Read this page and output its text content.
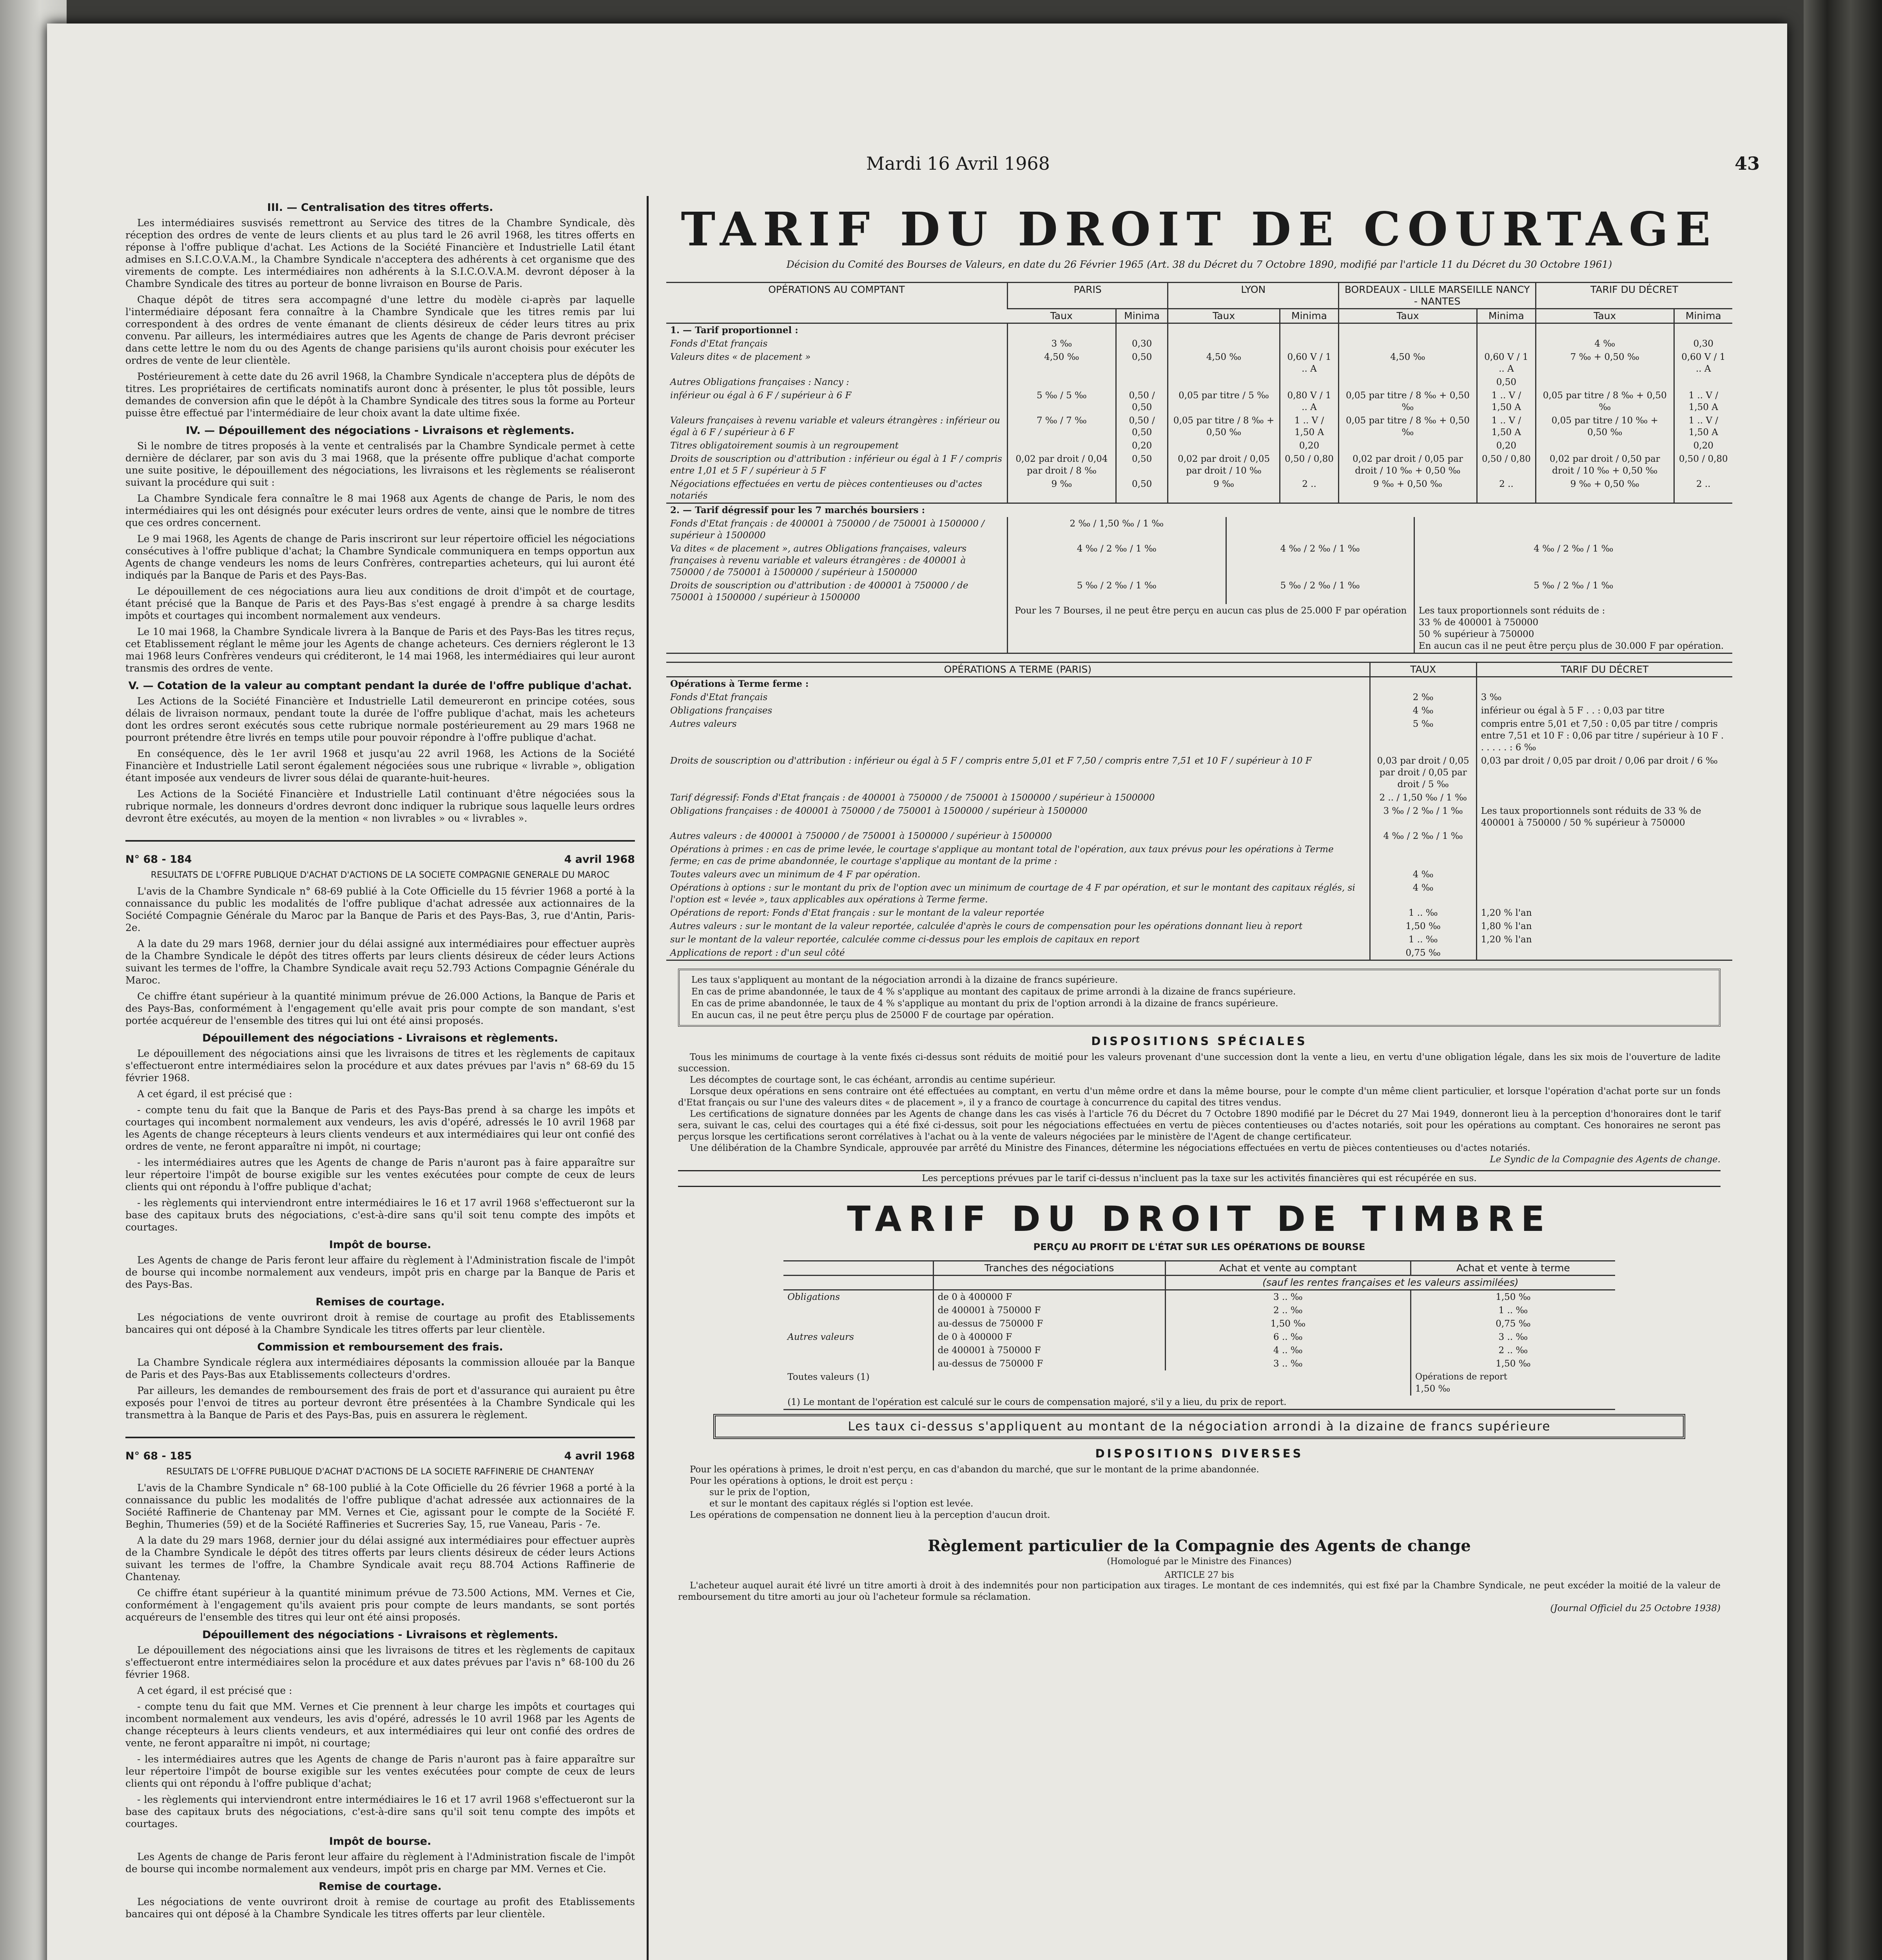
Mardi 16 Avril 1968	43
III. — Centralisation des titres offerts.

Les intermédiaires susvisés remettront au Service des titres de la Chambre Syndicale, dès réception des ordres de vente de leurs clients et au plus tard le 26 avril 1968, les titres offerts en réponse à l'offre publique d'achat. Les Actions de la Société Financière et Industrielle Latil étant admises en S.I.C.O.V.A.M., la Chambre Syndicale n'acceptera des adhérents à cet organisme que des virements de compte. Les intermédiaires non adhérents à la S.I.C.O.V.A.M. devront déposer à la Chambre Syndicale des titres au porteur de bonne livraison en Bourse de Paris.

Chaque dépôt de titres sera accompagné d'une lettre du modèle ci-après par laquelle l'intermédiaire déposant fera connaître à la Chambre Syndicale que les titres remis par lui correspondent à des ordres de vente émanant de clients désireux de céder leurs titres au prix convenu. Par ailleurs, les intermédiaires autres que les Agents de change de Paris devront préciser dans cette lettre le nom du ou des Agents de change parisiens qu'ils auront choisis pour exécuter les ordres de vente de leur clientèle.

Postérieurement à cette date du 26 avril 1968, la Chambre Syndicale n'acceptera plus de dépôts de titres. Les propriétaires de certificats nominatifs auront donc à présenter, le plus tôt possible, leurs demandes de conversion afin que le dépôt à la Chambre Syndicale des titres sous la forme au Porteur puisse être effectué par l'intermédiaire de leur choix avant la date ultime fixée.

IV. — Dépouillement des négociations - Livraisons et règlements.

Si le nombre de titres proposés à la vente et centralisés par la Chambre Syndicale permet à cette dernière de déclarer, par son avis du 3 mai 1968, que la présente offre publique d'achat comporte une suite positive, le dépouillement des négociations, les livraisons et les règlements se réaliseront suivant la procédure qui suit :

La Chambre Syndicale fera connaître le 8 mai 1968 aux Agents de change de Paris, le nom des intermédiaires qui les ont désignés pour exécuter leurs ordres de vente, ainsi que le nombre de titres que ces ordres concernent.

Le 9 mai 1968, les Agents de change de Paris inscriront sur leur répertoire officiel les négociations consécutives à l'offre publique d'achat; la Chambre Syndicale communiquera en temps opportun aux Agents de change vendeurs les noms de leurs Confrères, contreparties acheteurs, qui lui auront été indiqués par la Banque de Paris et des Pays-Bas.

Le dépouillement de ces négociations aura lieu aux conditions de droit d'impôt et de courtage, étant précisé que la Banque de Paris et des Pays-Bas s'est engagé à prendre à sa charge lesdits impôts et courtages qui incombent normalement aux vendeurs.

Le 10 mai 1968, la Chambre Syndicale livrera à la Banque de Paris et des Pays-Bas les titres reçus, cet Etablissement réglant le même jour les Agents de change acheteurs. Ces derniers régleront le 13 mai 1968 leurs Confrères vendeurs qui créditeront, le 14 mai 1968, les intermédiaires qui leur auront transmis des ordres de vente.

V. — Cotation de la valeur au comptant pendant la durée de l'offre publique d'achat.

Les Actions de la Société Financière et Industrielle Latil demeureront en principe cotées, sous délais de livraison normaux, pendant toute la durée de l'offre publique d'achat, mais les acheteurs dont les ordres seront exécutés sous cette rubrique normale postérieurement au 29 mars 1968 ne pourront prétendre être livrés en temps utile pour pouvoir répondre à l'offre publique d'achat.

En conséquence, dès le 1er avril 1968 et jusqu'au 22 avril 1968, les Actions de la Société Financière et Industrielle Latil seront également négociées sous une rubrique « livrable », obligation étant imposée aux vendeurs de livrer sous délai de quarante-huit-heures.

Les Actions de la Société Financière et Industrielle Latil continuant d'être négociées sous la rubrique normale, les donneurs d'ordres devront donc indiquer la rubrique sous laquelle leurs ordres devront être exécutés, au moyen de la mention « non livrables » ou « livrables ».

N° 68 - 184	4 avril 1968
RESULTATS DE L'OFFRE PUBLIQUE D'ACHAT D'ACTIONS DE LA SOCIETE COMPAGNIE GENERALE DU MAROC

L'avis de la Chambre Syndicale n° 68-69 publié à la Cote Officielle du 15 février 1968 a porté à la connaissance du public les modalités de l'offre publique d'achat adressée aux actionnaires de la Société Compagnie Générale du Maroc par la Banque de Paris et des Pays-Bas, 3, rue d'Antin, Paris-2e.

A la date du 29 mars 1968, dernier jour du délai assigné aux intermédiaires pour effectuer auprès de la Chambre Syndicale le dépôt des titres offerts par leurs clients désireux de céder leurs Actions suivant les termes de l'offre, la Chambre Syndicale avait reçu 52.793 Actions Compagnie Générale du Maroc.

Ce chiffre étant supérieur à la quantité minimum prévue de 26.000 Actions, la Banque de Paris et des Pays-Bas, conformément à l'engagement qu'elle avait pris pour compte de son mandant, s'est portée acquéreur de l'ensemble des titres qui lui ont été ainsi proposés.

Dépouillement des négociations - Livraisons et règlements.

Le dépouillement des négociations ainsi que les livraisons de titres et les règlements de capitaux s'effectueront entre intermédiaires selon la procédure et aux dates prévues par l'avis n° 68-69 du 15 février 1968.

A cet égard, il est précisé que :

- compte tenu du fait que la Banque de Paris et des Pays-Bas prend à sa charge les impôts et courtages qui incombent normalement aux vendeurs, les avis d'opéré, adressés le 10 avril 1968 par les Agents de change récepteurs à leurs clients vendeurs et aux intermédiaires qui leur ont confié des ordres de vente, ne feront apparaître ni impôt, ni courtage;

- les intermédiaires autres que les Agents de change de Paris n'auront pas à faire apparaître sur leur répertoire l'impôt de bourse exigible sur les ventes exécutées pour compte de ceux de leurs clients qui ont répondu à l'offre publique d'achat;

- les règlements qui interviendront entre intermédiaires le 16 et 17 avril 1968 s'effectueront sur la base des capitaux bruts des négociations, c'est-à-dire sans qu'il soit tenu compte des impôts et courtages.

Impôt de bourse.

Les Agents de change de Paris feront leur affaire du règlement à l'Administration fiscale de l'impôt de bourse qui incombe normalement aux vendeurs, impôt pris en charge par la Banque de Paris et des Pays-Bas.

Remises de courtage.

Les négociations de vente ouvriront droit à remise de courtage au profit des Etablissements bancaires qui ont déposé à la Chambre Syndicale les titres offerts par leur clientèle.

Commission et remboursement des frais.

La Chambre Syndicale réglera aux intermédiaires déposants la commission allouée par la Banque de Paris et des Pays-Bas aux Etablissements collecteurs d'ordres.

Par ailleurs, les demandes de remboursement des frais de port et d'assurance qui auraient pu être exposés pour l'envoi de titres au porteur devront être présentées à la Chambre Syndicale qui les transmettra à la Banque de Paris et des Pays-Bas, puis en assurera le règlement.

N° 68 - 185	4 avril 1968
RESULTATS DE L'OFFRE PUBLIQUE D'ACHAT D'ACTIONS DE LA SOCIETE RAFFINERIE DE CHANTENAY

L'avis de la Chambre Syndicale n° 68-100 publié à la Cote Officielle du 26 février 1968 a porté à la connaissance du public les modalités de l'offre publique d'achat adressée aux actionnaires de la Société Raffinerie de Chantenay par MM. Vernes et Cie, agissant pour le compte de la Société F. Beghin, Thumeries (59) et de la Société Raffineries et Sucreries Say, 15, rue Vaneau, Paris - 7e.

A la date du 29 mars 1968, dernier jour du délai assigné aux intermédiaires pour effectuer auprès de la Chambre Syndicale le dépôt des titres offerts par leurs clients désireux de céder leurs Actions suivant les termes de l'offre, la Chambre Syndicale avait reçu 88.704 Actions Raffinerie de Chantenay.

Ce chiffre étant supérieur à la quantité minimum prévue de 73.500 Actions, MM. Vernes et Cie, conformément à l'engagement qu'ils avaient pris pour compte de leurs mandants, se sont portés acquéreurs de l'ensemble des titres qui leur ont été ainsi proposés.

Dépouillement des négociations - Livraisons et règlements.

Le dépouillement des négociations ainsi que les livraisons de titres et les règlements de capitaux s'effectueront entre intermédiaires selon la procédure et aux dates prévues par l'avis n° 68-100 du 26 février 1968.

A cet égard, il est précisé que :

- compte tenu du fait que MM. Vernes et Cie prennent à leur charge les impôts et courtages qui incombent normalement aux vendeurs, les avis d'opéré, adressés le 10 avril 1968 par les Agents de change récepteurs à leurs clients vendeurs, et aux intermédiaires qui leur ont confié des ordres de vente, ne feront apparaître ni impôt, ni courtage;

- les intermédiaires autres que les Agents de change de Paris n'auront pas à faire apparaître sur leur répertoire l'impôt de bourse exigible sur les ventes exécutées pour compte de ceux de leurs clients qui ont répondu à l'offre publique d'achat;

- les règlements qui interviendront entre intermédiaires le 16 et 17 avril 1968 s'effectueront sur la base des capitaux bruts des négociations, c'est-à-dire sans qu'il soit tenu compte des impôts et courtages.

Impôt de bourse.

Les Agents de change de Paris feront leur affaire du règlement à l'Administration fiscale de l'impôt de bourse qui incombe normalement aux vendeurs, impôt pris en charge par MM. Vernes et Cie.

Remise de courtage.

Les négociations de vente ouvriront droit à remise de courtage au profit des Etablissements bancaires qui ont déposé à la Chambre Syndicale les titres offerts par leur clientèle.

TARIF DU DROIT DE COURTAGE
Décision du Comité des Bourses de Valeurs, en date du 26 Février 1965 (Art. 38 du Décret du 7 Octobre 1890, modifié par l'article 11 du Décret du 30 Octobre 1961)
OPÉRATIONS AU COMPTANT	PARIS		LYON		BORDEAUX - LILLE MARSEILLE NANCY - NANTES		TARIF DU DÉCRET	
	Taux	Minima	Taux	Minima	Taux	Minima	Taux	Minima
1. — Tarif proportionnel :								
Fonds d'Etat français	3 ‰	0,30					4 ‰	0,30
Valeurs dites « de placement »	4,50 ‰	0,50	4,50 ‰	0,60 V / 1 .. A	4,50 ‰	0,60 V / 1 .. A	7 ‰ + 0,50 ‰	0,60 V / 1 .. A
Autres Obligations françaises : Nancy :						0,50		
inférieur ou égal à 6 F / supérieur à 6 F	5 ‰ / 5 ‰	0,50 / 0,50	0,05 par titre / 5 ‰	0,80 V / 1 .. A	0,05 par titre / 8 ‰ + 0,50 ‰	1 .. V / 1,50 A	0,05 par titre / 8 ‰ + 0,50 ‰	1 .. V / 1,50 A
Valeurs françaises à revenu variable et valeurs étrangères : inférieur ou égal à 6 F / supérieur à 6 F	7 ‰ / 7 ‰	0,50 / 0,50	0,05 par titre / 8 ‰ + 0,50 ‰	1 .. V / 1,50 A	0,05 par titre / 8 ‰ + 0,50 ‰	1 .. V / 1,50 A	0,05 par titre / 10 ‰ + 0,50 ‰	1 .. V / 1,50 A
Titres obligatoirement soumis à un regroupement		0,20		0,20		0,20		0,20
Droits de souscription ou d'attribution : inférieur ou égal à 1 F / compris entre 1,01 et 5 F / supérieur à 5 F	0,02 par droit / 0,04 par droit / 8 ‰	0,50	0,02 par droit / 0,05 par droit / 10 ‰	0,50 / 0,80	0,02 par droit / 0,05 par droit / 10 ‰ + 0,50 ‰	0,50 / 0,80	0,02 par droit / 0,50 par droit / 10 ‰ + 0,50 ‰	0,50 / 0,80
Négociations effectuées en vertu de pièces contentieuses ou d'actes notariés	9 ‰	0,50	9 ‰	2 ..	9 ‰ + 0,50 ‰	2 ..	9 ‰ + 0,50 ‰	2 ..
2. — Tarif dégressif pour les 7 marchés boursiers :			
Fonds d'Etat français : de 400001 à 750000 / de 750001 à 1500000 / supérieur à 1500000	2 ‰ / 1,50 ‰ / 1 ‰		
Va dites « de placement », autres Obligations françaises, valeurs françaises à revenu variable et valeurs étrangères : de 400001 à 750000 / de 750001 à 1500000 / supérieur à 1500000	4 ‰ / 2 ‰ / 1 ‰	4 ‰ / 2 ‰ / 1 ‰	4 ‰ / 2 ‰ / 1 ‰
Droits de souscription ou d'attribution : de 400001 à 750000 / de 750001 à 1500000 / supérieur à 1500000	5 ‰ / 2 ‰ / 1 ‰	5 ‰ / 2 ‰ / 1 ‰	5 ‰ / 2 ‰ / 1 ‰
	Pour les 7 Bourses, il ne peut être perçu en aucun cas plus de 25.000 F par opération		Les taux proportionnels sont réduits de :
33 % de 400001 à 750000
50 % supérieur à 750000
En aucun cas il ne peut être perçu plus de 30.000 F par opération.
OPÉRATIONS A TERME (PARIS)	TAUX	TARIF DU DÉCRET
Opérations à Terme ferme :		
Fonds d'Etat français	2 ‰	3 ‰
Obligations françaises	4 ‰	inférieur ou égal à 5 F . . : 0,03 par titre
Autres valeurs	5 ‰	compris entre 5,01 et 7,50 : 0,05 par titre / compris entre 7,51 et 10 F : 0,06 par titre / supérieur à 10 F . . . . . . : 6 ‰
Droits de souscription ou d'attribution : inférieur ou égal à 5 F / compris entre 5,01 et F 7,50 / compris entre 7,51 et 10 F / supérieur à 10 F	0,03 par droit / 0,05 par droit / 0,05 par droit / 5 ‰	0,03 par droit / 0,05 par droit / 0,06 par droit / 6 ‰
Tarif dégressif: Fonds d'Etat français : de 400001 à 750000 / de 750001 à 1500000 / supérieur à 1500000	2 .. / 1,50 ‰ / 1 ‰	
Obligations françaises : de 400001 à 750000 / de 750001 à 1500000 / supérieur à 1500000	3 ‰ / 2 ‰ / 1 ‰	Les taux proportionnels sont réduits de 33 % de 400001 à 750000 / 50 % supérieur à 750000
Autres valeurs : de 400001 à 750000 / de 750001 à 1500000 / supérieur à 1500000	4 ‰ / 2 ‰ / 1 ‰	
Opérations à primes : en cas de prime levée, le courtage s'applique au montant total de l'opération, aux taux prévus pour les opérations à Terme ferme; en cas de prime abandonnée, le courtage s'applique au montant de la prime :		
Toutes valeurs avec un minimum de 4 F par opération.	4 ‰	
Opérations à options : sur le montant du prix de l'option avec un minimum de courtage de 4 F par opération, et sur le montant des capitaux réglés, si l'option est « levée », taux applicables aux opérations à Terme ferme.	4 ‰	
Opérations de report: Fonds d'Etat français : sur le montant de la valeur reportée	1 .. ‰	1,20 % l'an
Autres valeurs : sur le montant de la valeur reportée, calculée d'après le cours de compensation pour les opérations donnant lieu à report	1,50 ‰	1,80 % l'an
sur le montant de la valeur reportée, calculée comme ci-dessus pour les emplois de capitaux en report	1 .. ‰	1,20 % l'an
Applications de report : d'un seul côté	0,75 ‰	
Les taux s'appliquent au montant de la négociation arrondi à la dizaine de francs supérieure.
En cas de prime abandonnée, le taux de 4 % s'applique au montant des capitaux de prime arrondi à la dizaine de francs supérieure.
En cas de prime abandonnée, le taux de 4 % s'applique au montant du prix de l'option arrondi à la dizaine de francs supérieure.
En aucun cas, il ne peut être perçu plus de 25000 F de courtage par opération.
DISPOSITIONS SPÉCIALES

Tous les minimums de courtage à la vente fixés ci-dessus sont réduits de moitié pour les valeurs provenant d'une succession dont la vente a lieu, en vertu d'une obligation légale, dans les six mois de l'ouverture de ladite succession.

Les décomptes de courtage sont, le cas échéant, arrondis au centime supérieur.

Lorsque deux opérations en sens contraire ont été effectuées au comptant, en vertu d'un même ordre et dans la même bourse, pour le compte d'un même client particulier, et lorsque l'opération d'achat porte sur un fonds d'Etat français ou sur l'une des valeurs dites « de placement », il y a franco de courtage à concurrence du capital des titres vendus.

Les certifications de signature données par les Agents de change dans les cas visés à l'article 76 du Décret du 7 Octobre 1890 modifié par le Décret du 27 Mai 1949, donneront lieu à la perception d'honoraires dont le tarif sera, suivant le cas, celui des courtages qui a été fixé ci-dessus, soit pour les négociations effectuées en vertu de pièces contentieuses ou d'actes notariés, soit pour les opérations au comptant. Ces honoraires ne seront pas perçus lorsque les certifications seront corrélatives à l'achat ou à la vente de valeurs négociées par le ministère de l'Agent de change certificateur.

Une délibération de la Chambre Syndicale, approuvée par arrêté du Ministre des Finances, détermine les négociations effectuées en vertu de pièces contentieuses ou d'actes notariés.

Le Syndic de la Compagnie des Agents de change.

Les perceptions prévues par le tarif ci-dessus n'incluent pas la taxe sur les activités financières qui est récupérée en sus.

TARIF DU DROIT DE TIMBRE
PERÇU AU PROFIT DE L'ÉTAT SUR LES OPÉRATIONS DE BOURSE
	Tranches des négociations	Achat et vente au comptant	Achat et vente à terme

		(sauf les rentes françaises et les valeurs assimilées)	
Obligations	de 0 à 400000 F	3 .. ‰	1,50 ‰
	de 400001 à 750000 F	2 .. ‰	1 .. ‰
	au-dessus de 750000 F	1,50 ‰	0,75 ‰
Autres valeurs	de 0 à 400000 F	6 .. ‰	3 .. ‰
	de 400001 à 750000 F	4 .. ‰	2 .. ‰
	au-dessus de 750000 F	3 .. ‰	1,50 ‰
Toutes valeurs (1)			Opérations de report
1,50 ‰

(1) Le montant de l'opération est calculé sur le cours de compensation majoré, s'il y a lieu, du prix de report.			
Les taux ci-dessus s'appliquent au montant de la négociation arrondi à la dizaine de francs supérieure
DISPOSITIONS DIVERSES

Pour les opérations à primes, le droit n'est perçu, en cas d'abandon du marché, que sur le montant de la prime abandonnée.

Pour les opérations à options, le droit est perçu :

sur le prix de l'option,

et sur le montant des capitaux réglés si l'option est levée.

Les opérations de compensation ne donnent lieu à la perception d'aucun droit.

Règlement particulier de la Compagnie des Agents de change
(Homologué par le Ministre des Finances)
ARTICLE 27 bis

L'acheteur auquel aurait été livré un titre amorti à droit à des indemnités pour non participation aux tirages. Le montant de ces indemnités, qui est fixé par la Chambre Syndicale, ne peut excéder la moitié de la valeur de remboursement du titre amorti au jour où l'acheteur formule sa réclamation.

(Journal Officiel du 25 Octobre 1938)
